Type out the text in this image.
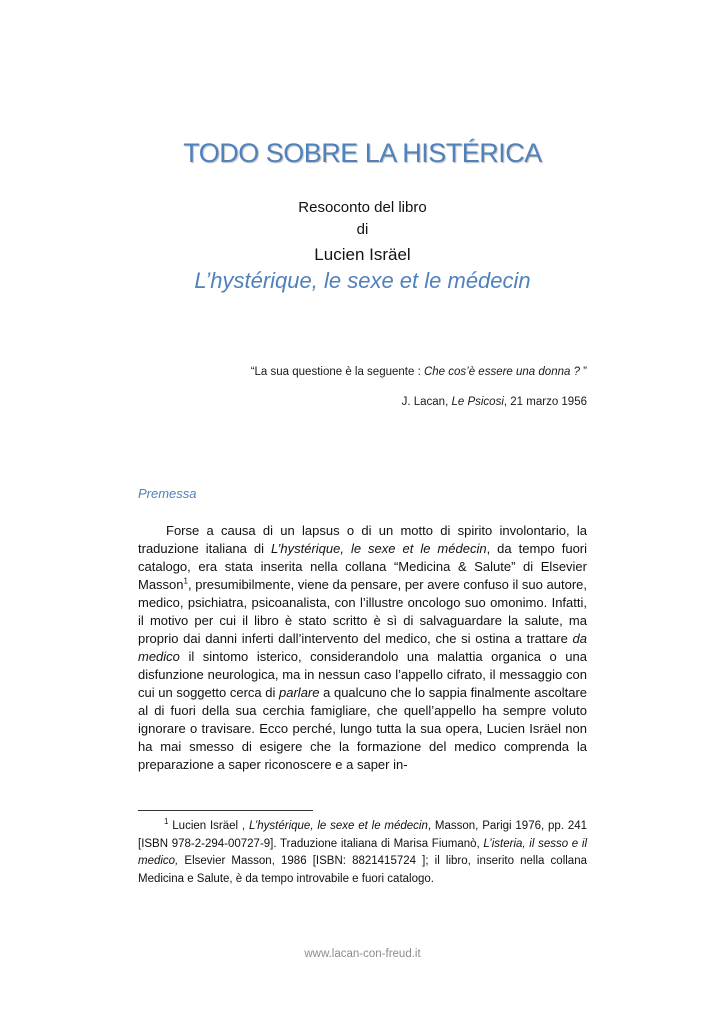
TODO SOBRE LA HISTÉRICA
Resoconto del libro
di
Lucien Isräel
L’hystérique, le sexe et le médecin
“La sua questione è la seguente : Che cos’è essere una donna ? ”
J. Lacan, Le Psicosi, 21 marzo 1956
Premessa
Forse a causa di un lapsus o di un motto di spirito involontario, la traduzione italiana di L’hystérique, le sexe et le médecin, da tempo fuori catalogo, era stata inserita nella collana “Medicina & Salute” di Elsevier Masson$^1$, presumibilmente, viene da pensare, per avere confuso il suo autore, medico, psichiatra, psicoanalista, con l’illustre oncologo suo omonimo. Infatti, il motivo per cui il libro è stato scritto è sì di salvaguardare la salute, ma proprio dai danni inferti dall’intervento del medico, che si ostina a trattare da medico il sintomo isterico, considerandolo una malattia organica o una disfunzione neurologica, ma in nessun caso l’appello cifrato, il messaggio con cui un soggetto cerca di parlare a qualcuno che lo sappia finalmente ascoltare al di fuori della sua cerchia famigliare, che quell’appello ha sempre voluto ignorare o travisare. Ecco perché, lungo tutta la sua opera, Lucien Isräel non ha mai smesso di esigere che la formazione del medico comprenda la preparazione a saper riconoscere e a saper in-
$^1$ Lucien Isräel , L’hystérique, le sexe et le médecin, Masson, Parigi 1976, pp. 241 [ISBN 978-2-294-00727-9]. Traduzione italiana di Marisa Fiumanò, L’isteria, il sesso e il medico, Elsevier Masson, 1986 [ISBN: 8821415724 ]; il libro, inserito nella collana Medicina e Salute, è da tempo introvabile e fuori catalogo.
www.lacan-con-freud.it
